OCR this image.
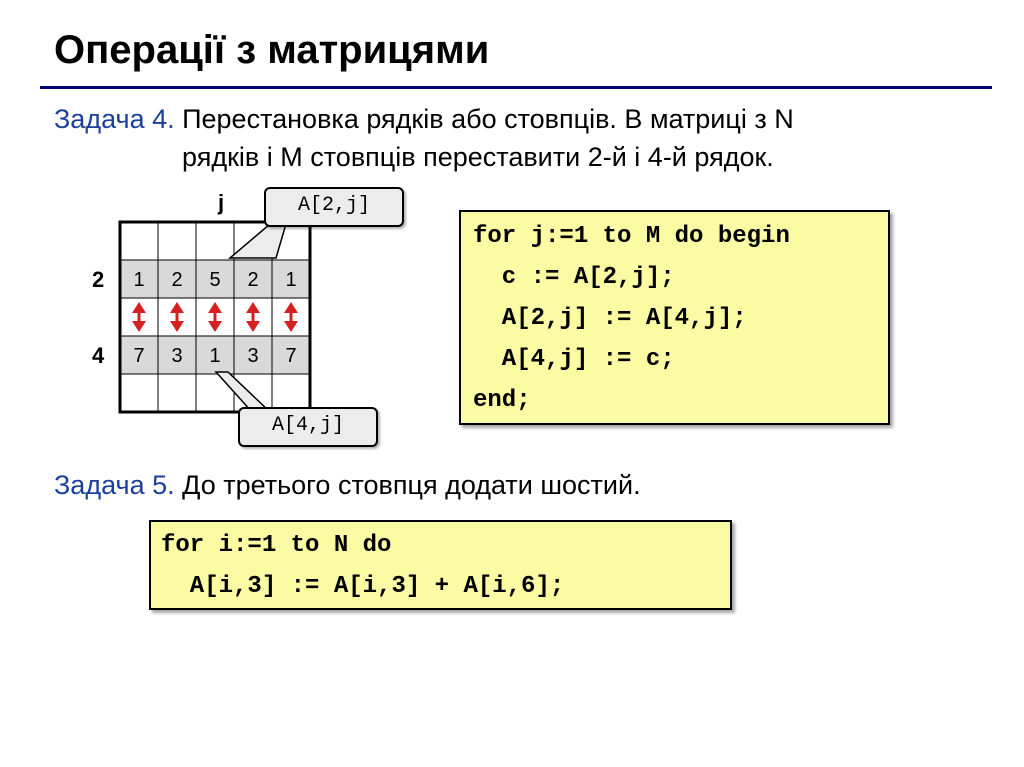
Операції з матрицями
Задача 4. Перестановка рядків або стовпців. В матриці з N
рядків і M стовпців переставити 2-й і 4-й рядок.
j
2
4
1 2 5 2 1
7 3 1 3 7
A[2,j]
A[4,j]
for j:=1 to M do begin
c := A[2,j];
A[2,j] := A[4,j];
A[4,j] := c;
end;
Задача 5. До третього стовпця додати шостий.
for i:=1 to N do
A[i,3] := A[i,3] + A[i,6];
